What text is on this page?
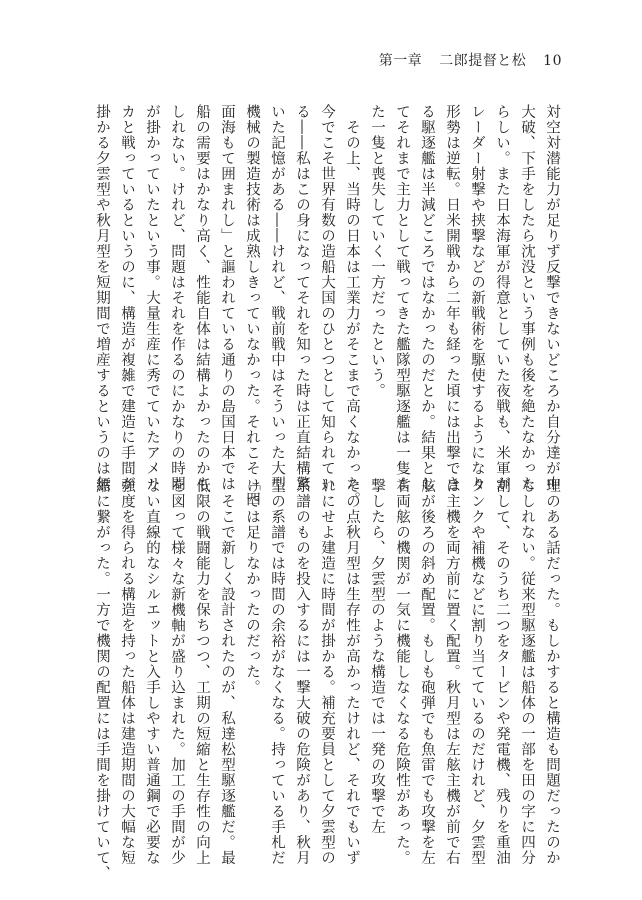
第一章 二郎提督と松 10
対空対潜能力が足りず反撃できないどころか自分達が中
大破、下手をしたら沈没という事例も後を絶たなかった
らしい。また日本海軍が得意としていた夜戦も、米軍が
レーダー射撃や挟撃などの新戦術を駆使するようになり
形勢は逆転。日米開戦から二年も経った頃には出撃でき
る駆逐艦は半減どころではなかったのだとか。結果とし
てそれまで主力として戦ってきた艦隊型駆逐艦は一隻ま
た一隻と喪失していく一方だったという。
　その上、当時の日本は工業力がそこまで高くなかった。
今でこそ世界有数の造船大国のひとつとして知られてい
る――私はこの身になってそれを知った時は正直結構驚
いた記憶がある――けれど、戦前戦中はそういった大型
機械の製造技術は成熟しきっていなかった。それこそ「四
面海もて囲まれし」と謳われている通りの島国日本では
船の需要はかなり高く、性能自体は結構よかったのかも
しれない。けれど、問題はそれを作るのにかなりの時間
が掛かっていたという事。大量生産に秀でていたアメリ
カと戦っているというのに、構造が複雑で建造に手間が
掛かる夕雲型や秋月型を短期間で増産するというのは無
理のある話だった。もしかすると構造も問題だったのか
もしれない。従来型駆逐艦は船体の一部を田の字に四分
割して、そのうち二つをタービンや発電機、残りを重油
タンクや補機などに割り当てているのだけれど、夕雲型
は主機を両方前に置く配置。秋月型は左舷主機が前で右
舷が後ろの斜め配置。もしも砲弾でも魚雷でも攻撃を左
右両舷の機関が一気に機能しなくなる危険性があった。
撃したら、夕雲型のような構造では一発の攻撃で左
その点秋月型は生存性が高かったけれど、それでもいず
れにせよ建造に時間が掛かる。補充要員として夕雲型の
系譜のものを投入するには一撃大破の危険があり、秋月
型の系譜では時間の余裕がなくなる。持っている手札だ
けでは足りなかったのだった。
　そこで新しく設計されたのが、私達松型駆逐艦だ。最
低限の戦闘能力を保ちつつ、工期の短縮と生存性の向上
を図って様々な新機軸が盛り込まれた。加工の手間が少
ない直線的なシルエットと入手しやすい普通鋼で必要な
強度を得られる構造を持った船体は建造期間の大幅な短
縮に繋がった。一方で機関の配置には手間を掛けていて、
